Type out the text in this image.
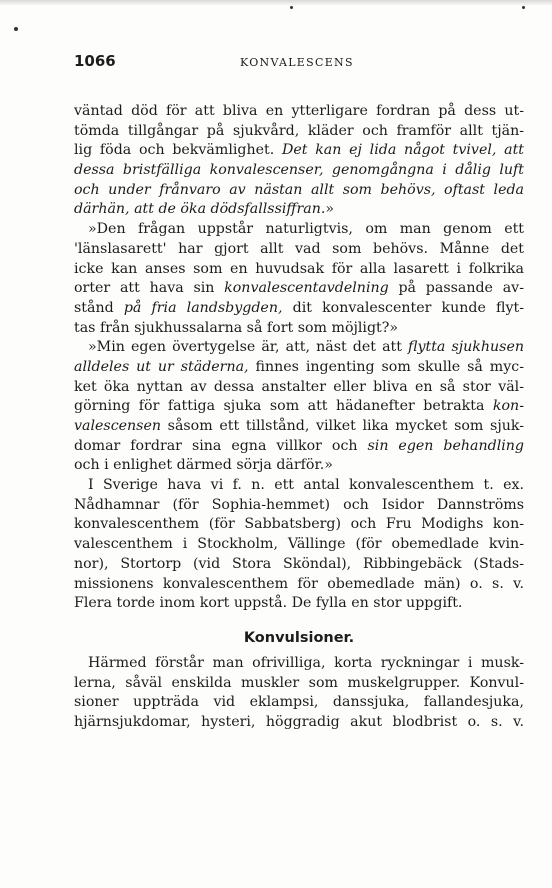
1066	KONVALESCENS
väntad död för att bliva en ytterligare fordran på dess ut-
tömda tillgångar på sjukvård, kläder och framför allt tjän-
lig föda och bekvämlighet. Det kan ej lida något tvivel, att
dessa bristfälliga konvalescenser, genomgångna i dålig luft
och under frånvaro av nästan allt som behövs, oftast leda
därhän, att de öka dödsfallssiffran.»
»Den frågan uppstår naturligtvis, om man genom ett
'länslasarett' har gjort allt vad som behövs. Månne det
icke kan anses som en huvudsak för alla lasarett i folkrika
orter att hava sin konvalescentavdelning på passande av-
stånd på fria landsbygden, dit konvalescenter kunde flyt-
tas från sjukhussalarna så fort som möjligt?»
»Min egen övertygelse är, att, näst det att flytta sjukhusen
alldeles ut ur städerna, finnes ingenting som skulle så myc-
ket öka nyttan av dessa anstalter eller bliva en så stor väl-
görning för fattiga sjuka som att hädanefter betrakta kon-
valescensen såsom ett tillstånd, vilket lika mycket som sjuk-
domar fordrar sina egna villkor och sin egen behandling
och i enlighet därmed sörja därför.»
I Sverige hava vi f. n. ett antal konvalescenthem t. ex.
Nådhamnar (för Sophia-hemmet) och Isidor Dannströms
konvalescenthem (för Sabbatsberg) och Fru Modighs kon-
valescenthem i Stockholm, Vällinge (för obemedlade kvin-
nor), Stortorp (vid Stora Sköndal), Ribbingebäck (Stads-
missionens konvalescenthem för obemedlade män) o. s. v.
Flera torde inom kort uppstå. De fylla en stor uppgift.
Konvulsioner.
Härmed förstår man ofrivilliga, korta ryckningar i musk-
lerna, såväl enskilda muskler som muskelgrupper. Konvul-
sioner uppträda vid eklampsi, danssjuka, fallandesjuka,
hjärnsjukdomar, hysteri, höggradig akut blodbrist o. s. v.
